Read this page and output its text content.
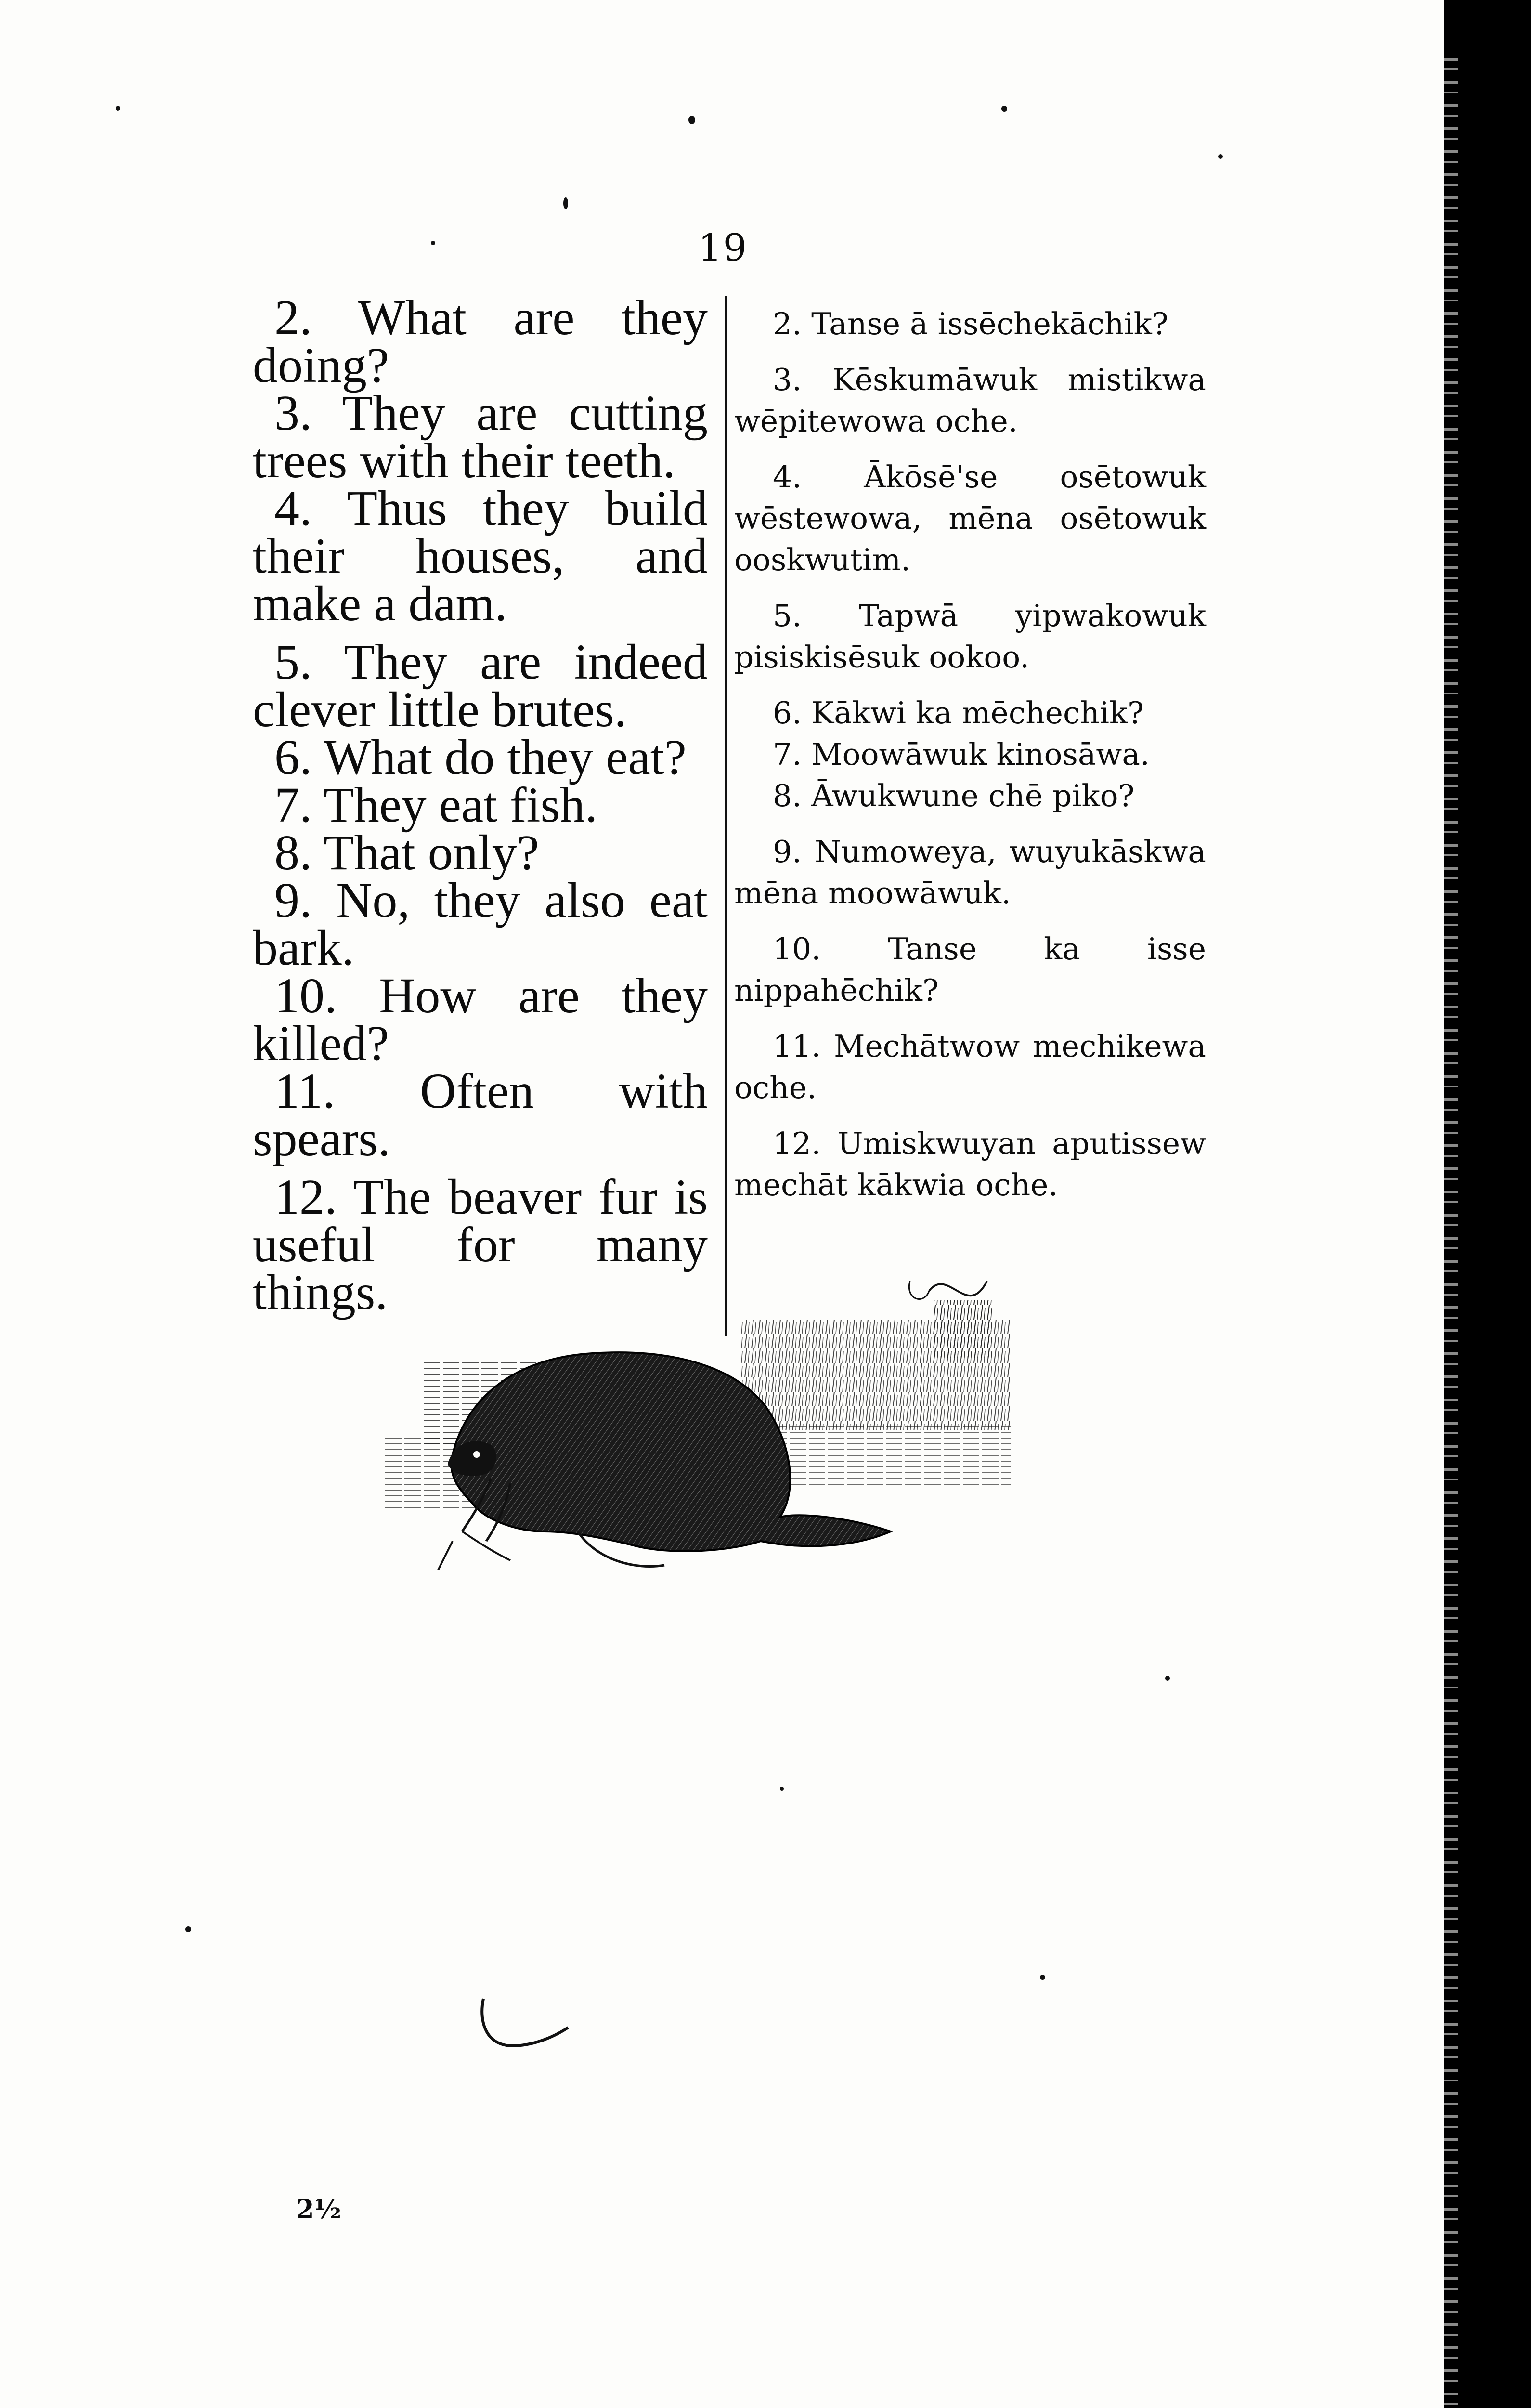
19

2. What are they doing?

3. They are cutting trees with their teeth.

4. Thus they build their houses, and make a dam.

5. They are indeed clever little brutes.

6. What do they eat?

7. They eat fish.

8. That only?

9. No, they also eat bark.

10. How are they killed?

11. Often with spears.

12. The beaver fur is useful for many things.

2. Tanse ā issēchekāchik?

3. Kēskumāwuk mistikwa wēpitewowa oche.

4. Ākōsē'se osētowuk wēstewowa, mēna osētowuk ooskwutim.

5. Tapwā yipwakowuk pisiskisēsuk ookoo.

6. Kākwi ka mēchechik?

7. Moowāwuk kinosāwa.

8. Āwukwune chē piko?

9. Numoweya, wuyukāskwa mēna moowāwuk.

10. Tanse ka isse nippahēchik?

11. Mechātwow mechikewa oche.

12. Umiskwuyan aputissew mechāt kākwia oche.

2½
